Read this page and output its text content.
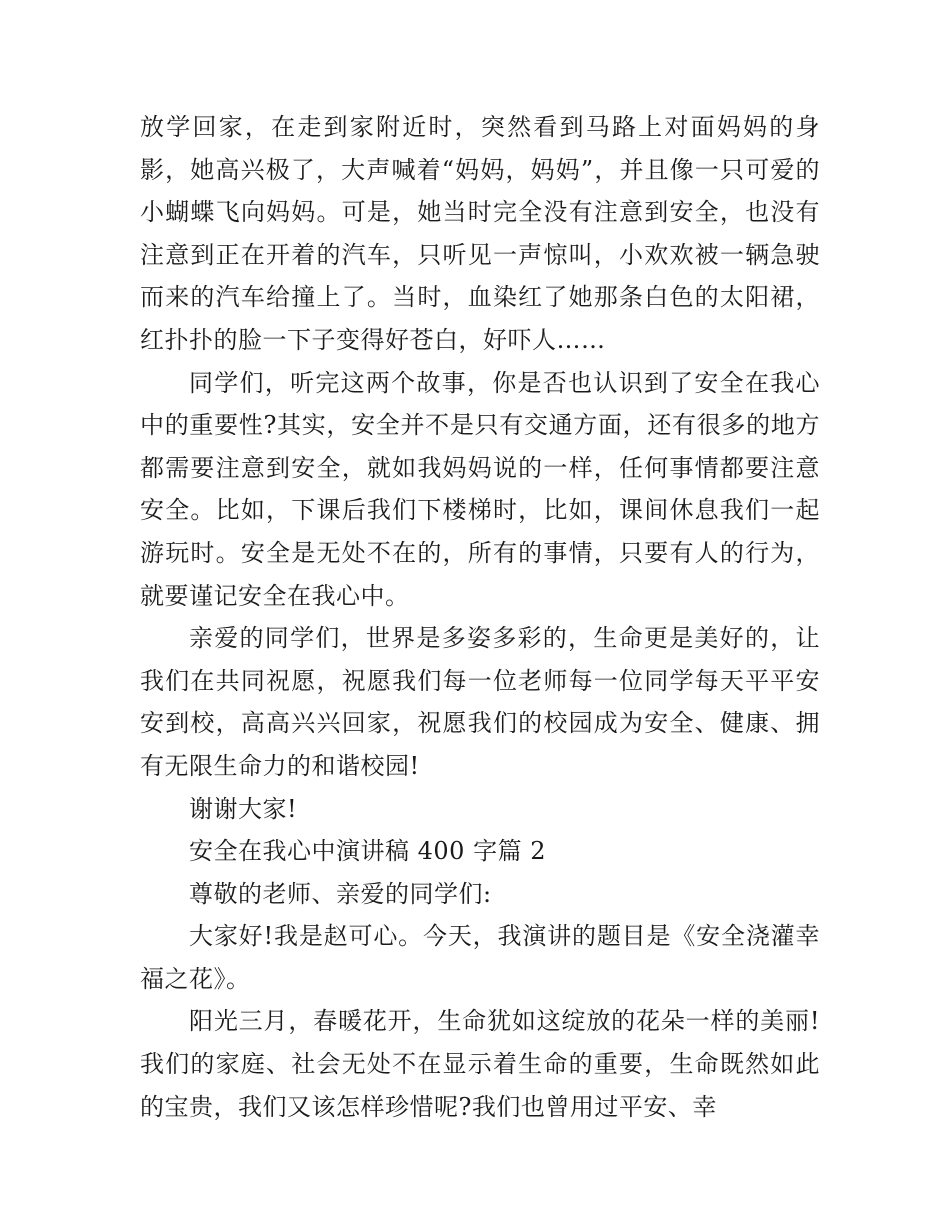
放学回家，在走到家附近时，突然看到马路上对面妈妈的身影，她高兴极了，大声喊着“妈妈，妈妈”，并且像一只可爱的小蝴蝶飞向妈妈。可是，她当时完全没有注意到安全，也没有注意到正在开着的汽车，只听见一声惊叫，小欢欢被一辆急驶而来的汽车给撞上了。当时，血染红了她那条白色的太阳裙，红扑扑的脸一下子变得好苍白，好吓人……

同学们，听完这两个故事，你是否也认识到了安全在我心中的重要性?其实，安全并不是只有交通方面，还有很多的地方都需要注意到安全，就如我妈妈说的一样，任何事情都要注意安全。比如，下课后我们下楼梯时，比如，课间休息我们一起游玩时。安全是无处不在的，所有的事情，只要有人的行为，就要谨记安全在我心中。

亲爱的同学们，世界是多姿多彩的，生命更是美好的，让我们在共同祝愿，祝愿我们每一位老师每一位同学每天平平安安到校，高高兴兴回家，祝愿我们的校园成为安全、健康、拥有无限生命力的和谐校园!

谢谢大家!

安全在我心中演讲稿 400 字篇 2

尊敬的老师、亲爱的同学们:

大家好!我是赵可心。今天，我演讲的题目是《安全浇灌幸福之花》。

阳光三月，春暖花开，生命犹如这绽放的花朵一样的美丽!我们的家庭、社会无处不在显示着生命的重要，生命既然如此的宝贵，我们又该怎样珍惜呢?我们也曾用过平安、幸
